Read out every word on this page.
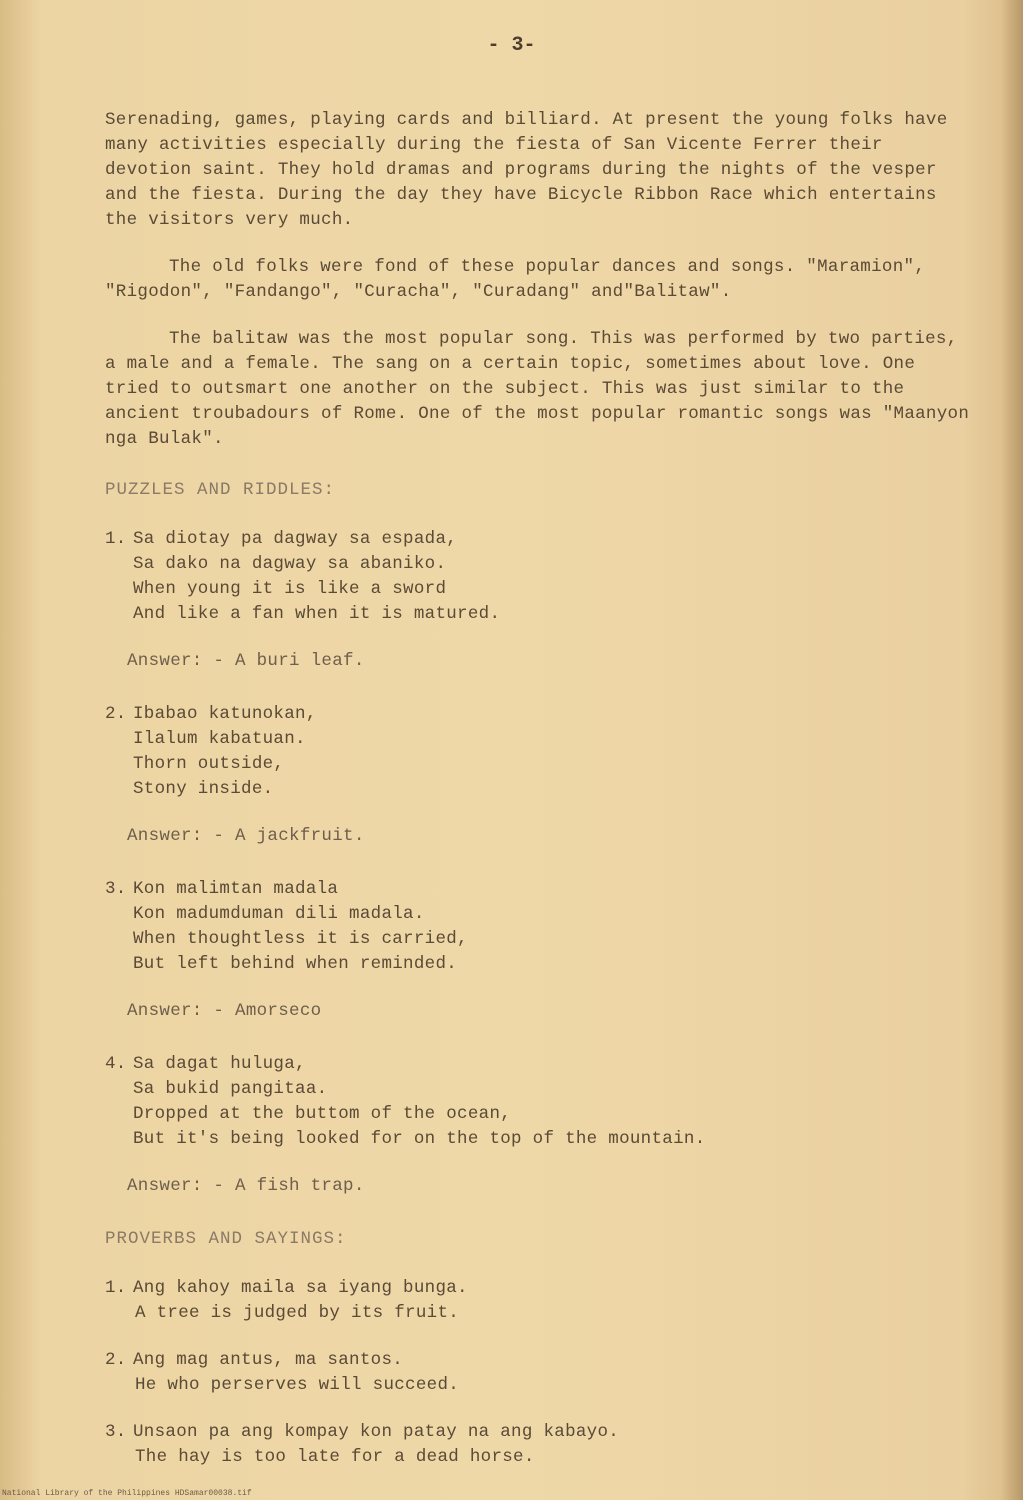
- 3-

Serenading, games, playing cards and billiard. At present the young folks have many activities especially during the fiesta of San Vicente Ferrer their devotion saint. They hold dramas and programs during the nights of the vesper and the fiesta. During the day they have Bicycle Ribbon Race which entertains the visitors very much.

The old folks were fond of these popular dances and songs. "Maramion", "Rigodon", "Fandango", "Curacha", "Curadang" and"Balitaw".

The balitaw was the most popular song. This was performed by two parties, a male and a female. The sang on a certain topic, sometimes about love. One tried to outsmart one another on the subject. This was just similar to the ancient troubadours of Rome. One of the most popular romantic songs was "Maanyon nga Bulak".

PUZZLES AND RIDDLES:
1. Sa diotay pa dagway sa espada,
Sa dako na dagway sa abaniko.
When young it is like a sword
And like a fan when it is matured.
Answer: - A buri leaf.
2. Ibabao katunokan,
Ilalum kabatuan.
Thorn outside,
Stony inside.
Answer: - A jackfruit.
3. Kon malimtan madala
Kon madumduman dili madala.
When thoughtless it is carried,
But left behind when reminded.
Answer: - Amorseco
4. Sa dagat huluga,
Sa bukid pangitaa.
Dropped at the buttom of the ocean,
But it's being looked for on the top of the mountain.
Answer: - A fish trap.
PROVERBS AND SAYINGS:
1. Ang kahoy maila sa iyang bunga.
A tree is judged by its fruit.
2. Ang mag antus, ma santos.
He who perserves will succeed.
3. Unsaon pa ang kompay kon patay na ang kabayo.
The hay is too late for a dead horse.
National Library of the Philippines HDSamar00038.tif
